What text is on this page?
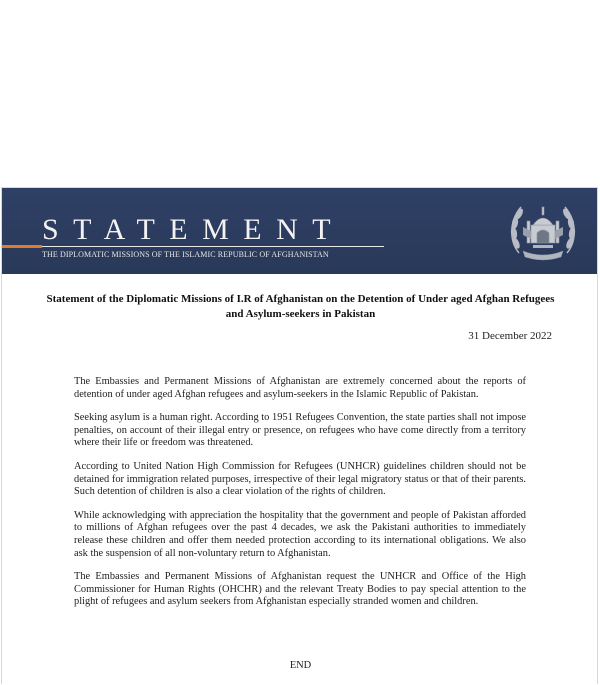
STATEMENT
THE DIPLOMATIC MISSIONS OF THE ISLAMIC REPUBLIC OF AFGHANISTAN
Statement of the Diplomatic Missions of I.R of Afghanistan on the Detention of Under aged Afghan Refugees and Asylum-seekers in Pakistan
31 December 2022

The Embassies and Permanent Missions of Afghanistan are extremely concerned about the reports of detention of under aged Afghan refugees and asylum-seekers in the Islamic Republic of Pakistan.

Seeking asylum is a human right. According to 1951 Refugees Convention, the state parties shall not impose penalties, on account of their illegal entry or presence, on refugees who have come directly from a territory where their life or freedom was threatened.

According to United Nation High Commission for Refugees (UNHCR) guidelines children should not be detained for immigration related purposes, irrespective of their legal migratory status or that of their parents. Such detention of children is also a clear violation of the rights of children.

While acknowledging with appreciation the hospitality that the government and people of Pakistan afforded to millions of Afghan refugees over the past 4 decades, we ask the Pakistani authorities to immediately release these children and offer them needed protection according to its international obligations. We also ask the suspension of all non-voluntary return to Afghanistan.

The Embassies and Permanent Missions of Afghanistan request the UNHCR and Office of the High Commissioner for Human Rights (OHCHR) and the relevant Treaty Bodies to pay special attention to the plight of refugees and asylum seekers from Afghanistan especially stranded women and children.

END
